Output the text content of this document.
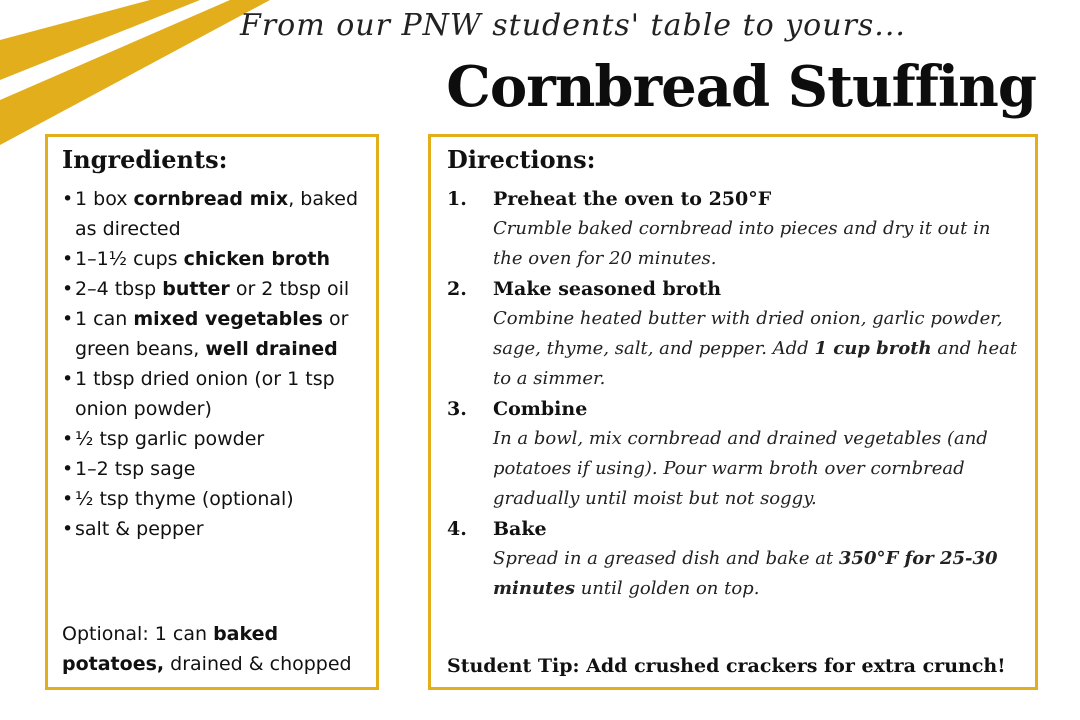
From our PNW students' table to yours...
Cornbread Stuffing
Ingredients:
•1 box cornbread mix, baked as directed
•1–1½ cups chicken broth
•2–4 tbsp butter or 2 tbsp oil
•1 can mixed vegetables or green beans, well drained
•1 tbsp dried onion (or 1 tsp onion powder)
•½ tsp garlic powder
•1–2 tsp sage
•½ tsp thyme (optional)
•salt & pepper
Optional: 1 can baked potatoes, drained & chopped
Directions:
1. Preheat the oven to 250°F
Crumble baked cornbread into pieces and dry it out in the oven for 20 minutes.
2. Make seasoned broth
Combine heated butter with dried onion, garlic powder, sage, thyme, salt, and pepper. Add 1 cup broth and heat to a simmer.
3. Combine
In a bowl, mix cornbread and drained vegetables (and potatoes if using). Pour warm broth over cornbread gradually until moist but not soggy.
4. Bake
Spread in a greased dish and bake at 350°F for 25-30 minutes until golden on top.
Student Tip: Add crushed crackers for extra crunch!
